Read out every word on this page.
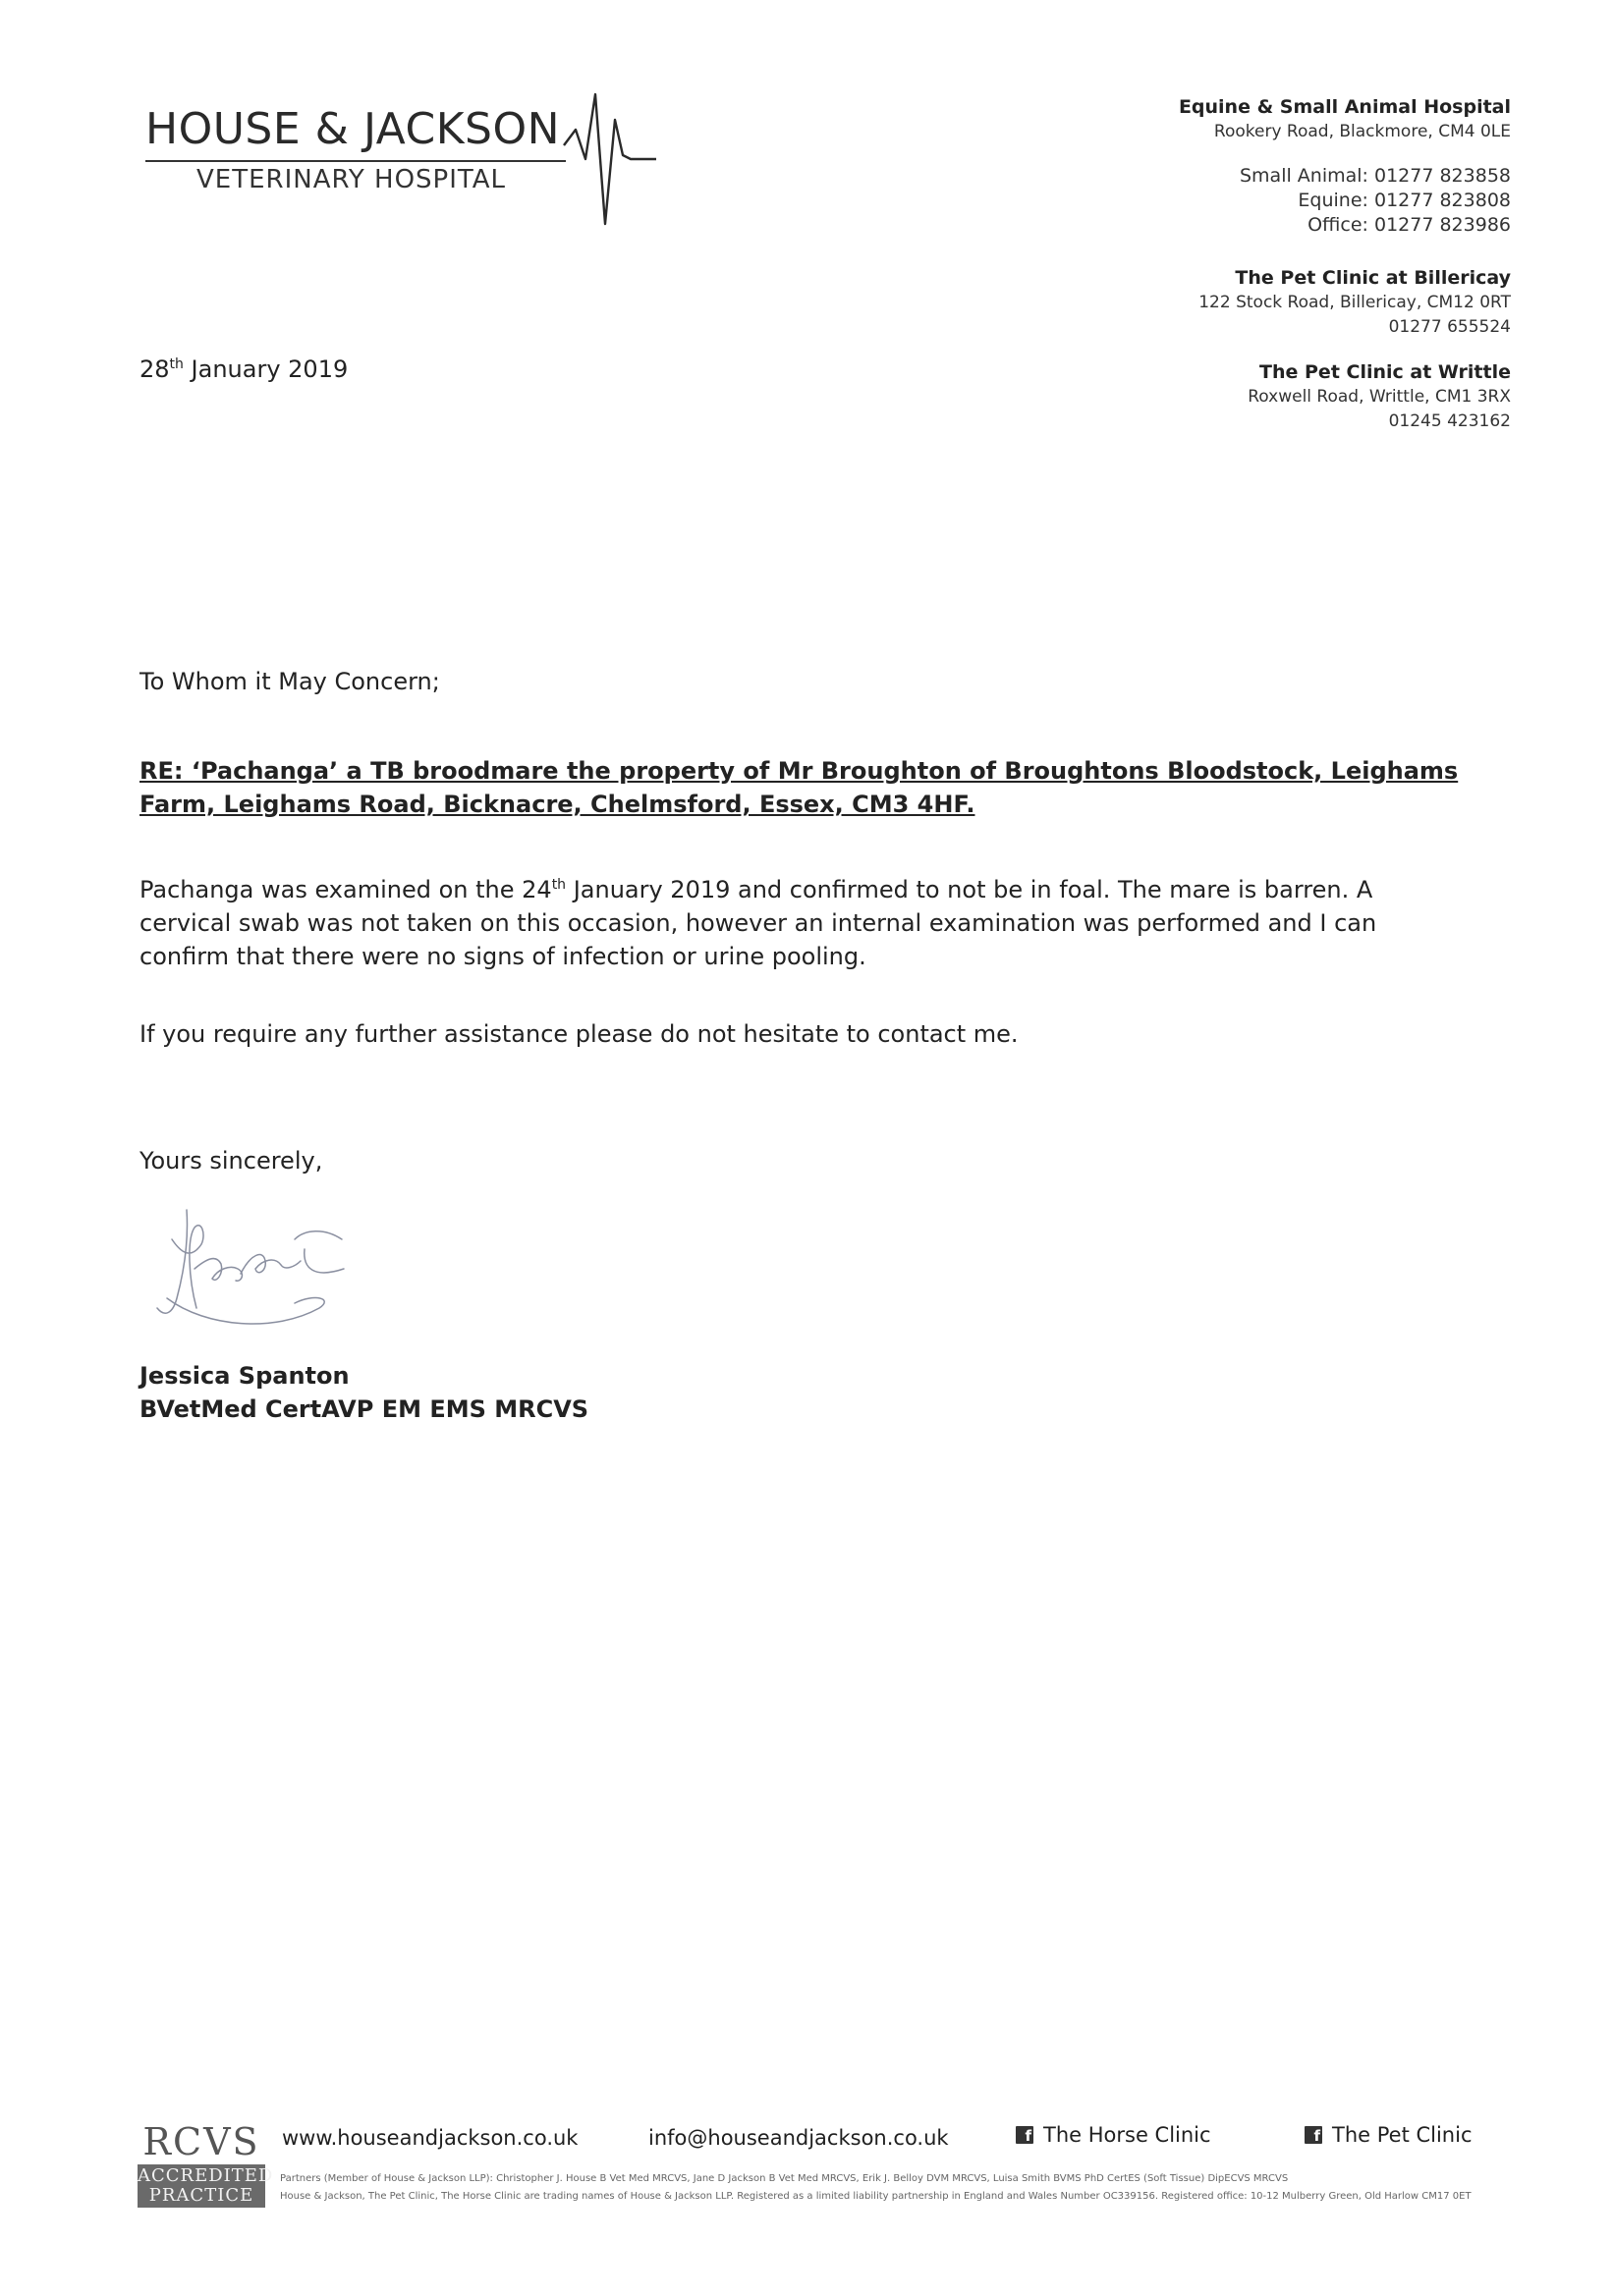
HOUSE & JACKSON
VETERINARY HOSPITAL
Equine & Small Animal Hospital
Rookery Road, Blackmore, CM4 0LE
Small Animal: 01277 823858
Equine: 01277 823808
Office: 01277 823986
The Pet Clinic at Billericay
122 Stock Road, Billericay, CM12 0RT
01277 655524
The Pet Clinic at Writtle
Roxwell Road, Writtle, CM1 3RX
01245 423162
28th January 2019
To Whom it May Concern;
RE: ‘Pachanga’ a TB broodmare the property of Mr Broughton of Broughtons Bloodstock, Leighams Farm, Leighams Road, Bicknacre, Chelmsford, Essex, CM3 4HF.
Pachanga was examined on the 24th January 2019 and confirmed to not be in foal. The mare is barren. A cervical swab was not taken on this occasion, however an internal examination was performed and I can confirm that there were no signs of infection or urine pooling.
If you require any further assistance please do not hesitate to contact me.
Yours sincerely,
Jessica Spanton
BVetMed CertAVP EM EMS MRCVS
RCVS
ACCREDITED
PRACTICE
www.houseandjackson.co.uk	info@houseandjackson.co.uk	f The Horse Clinic	f The Pet Clinic
Partners (Member of House & Jackson LLP): Christopher J. House B Vet Med MRCVS, Jane D Jackson B Vet Med MRCVS, Erik J. Belloy DVM MRCVS, Luisa Smith BVMS PhD CertES (Soft Tissue) DipECVS MRCVS
House & Jackson, The Pet Clinic, The Horse Clinic are trading names of House & Jackson LLP. Registered as a limited liability partnership in England and Wales Number OC339156. Registered office: 10-12 Mulberry Green, Old Harlow CM17 0ET
